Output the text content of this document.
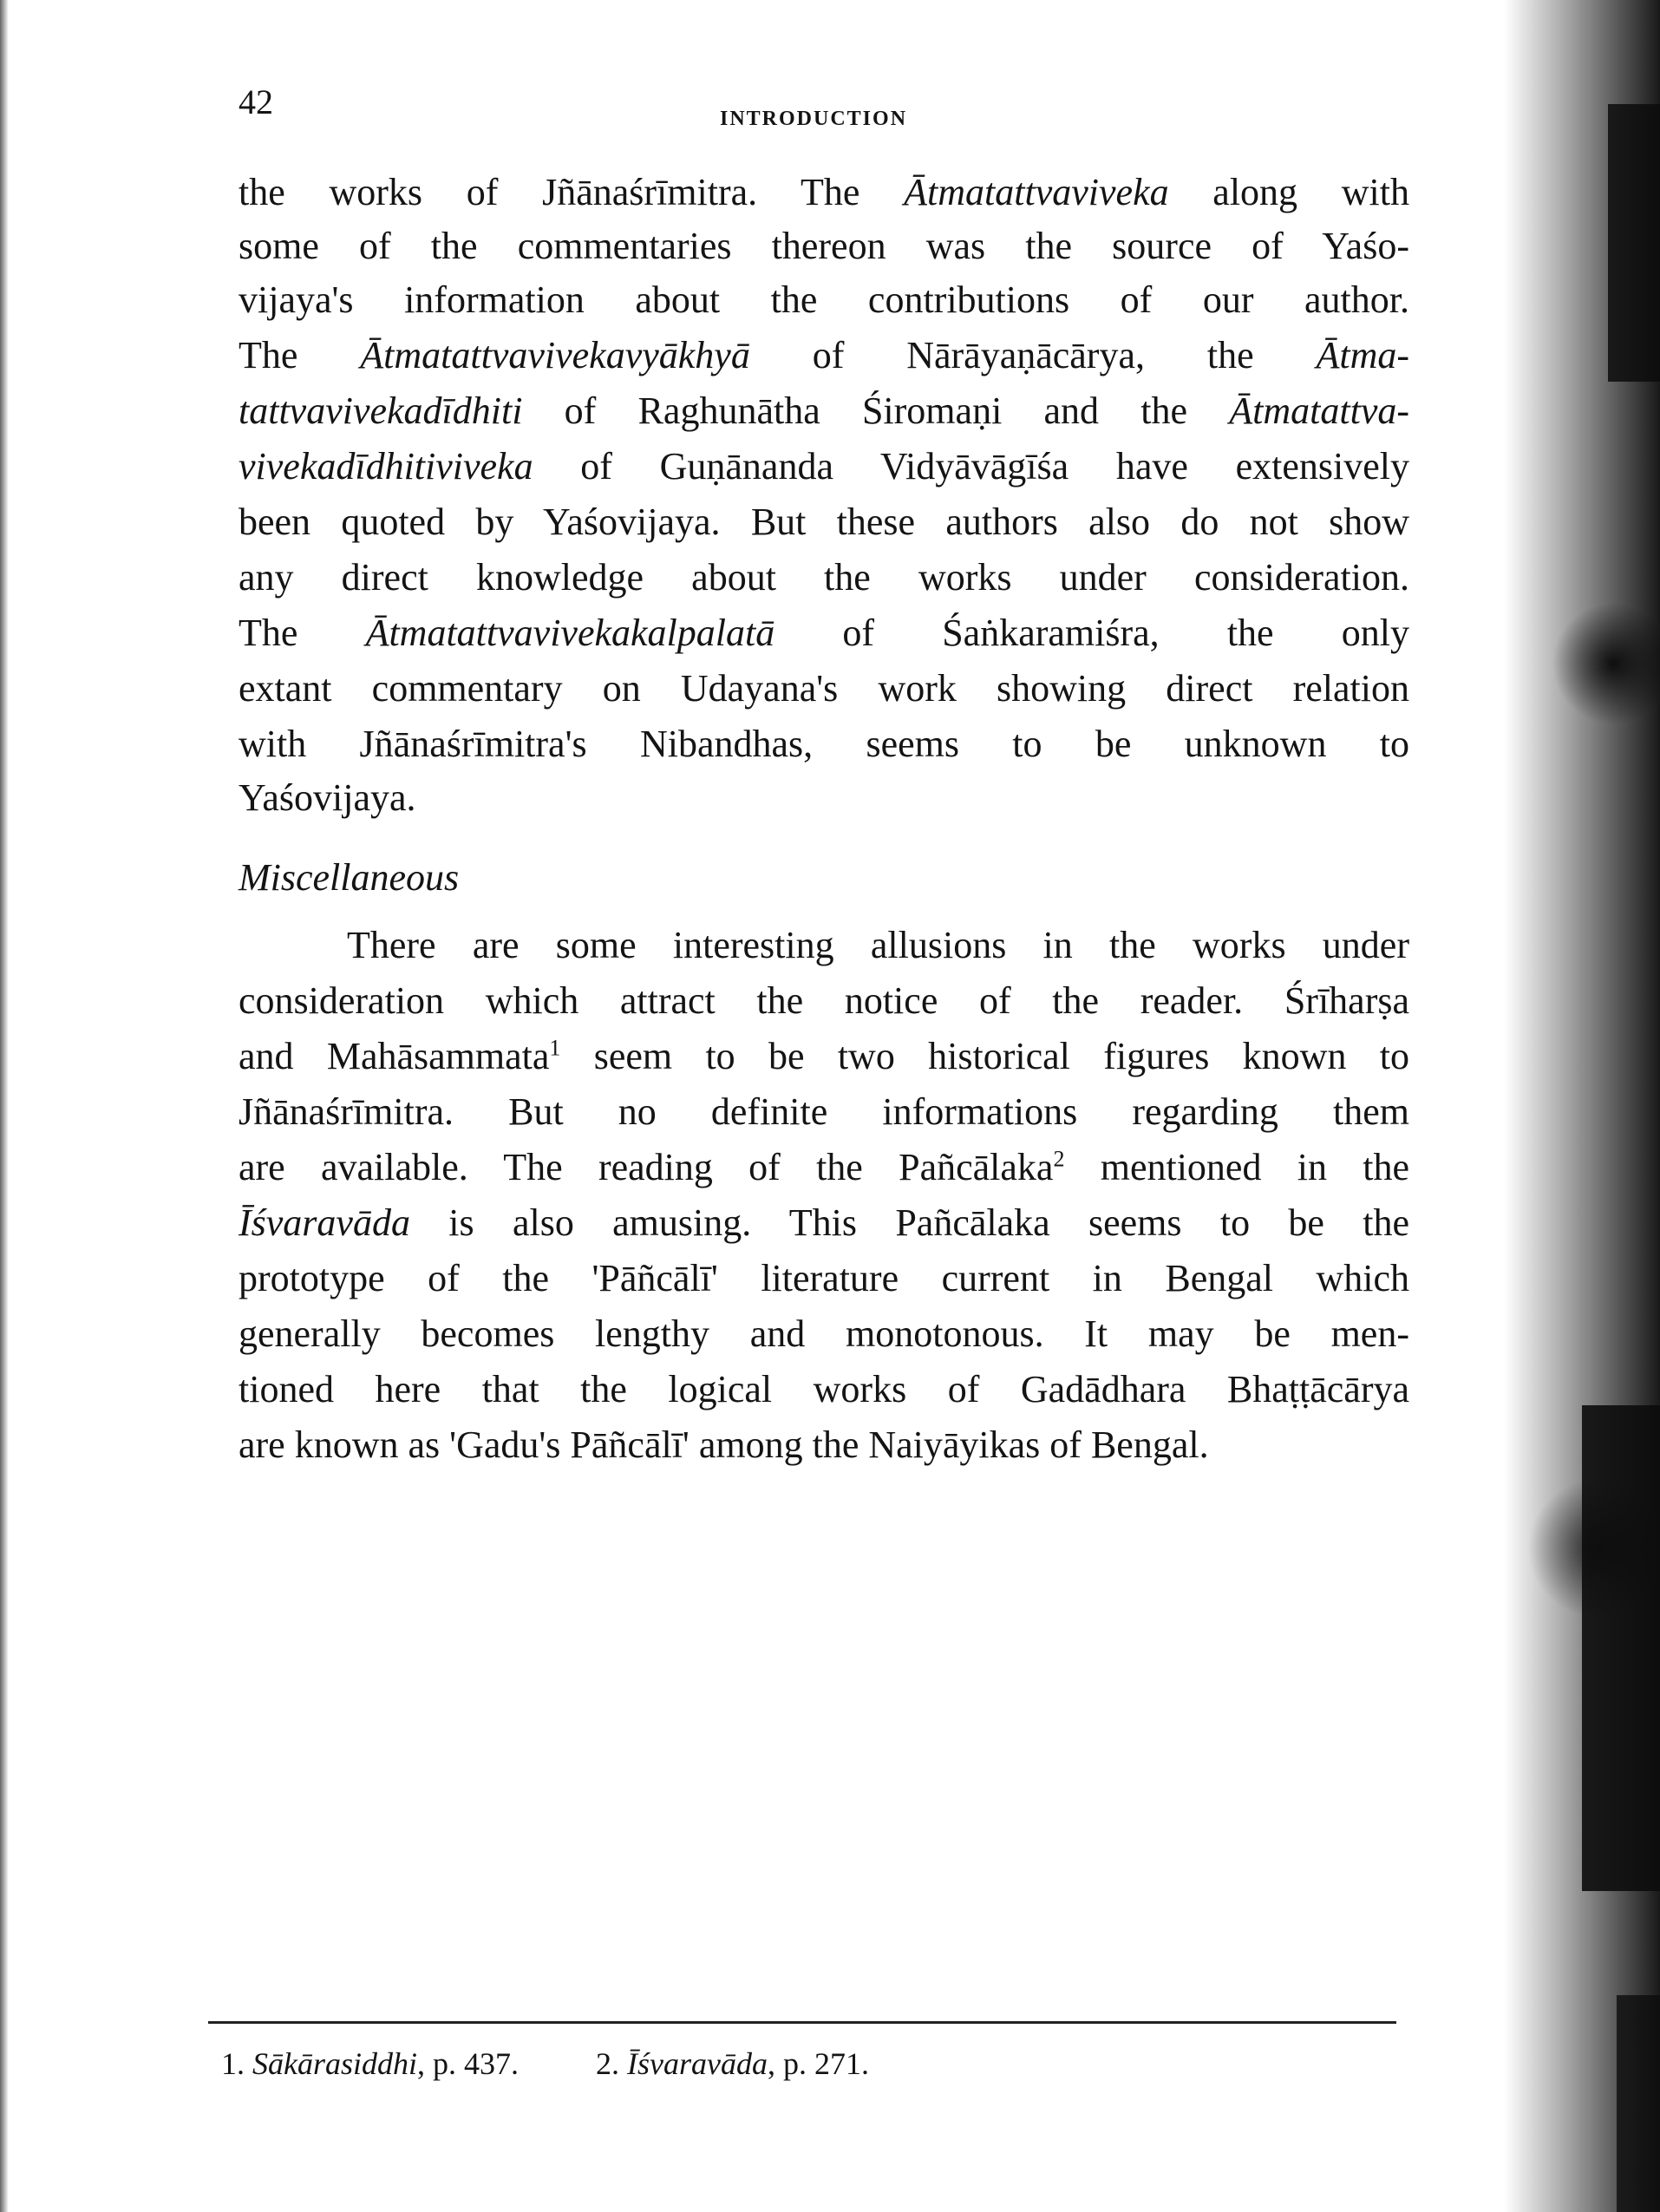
42	INTRODUCTION
the works of Jñānaśrīmitra. The Ātmatattvaviveka along with
some of the commentaries thereon was the source of Yaśo-
vijaya's information about the contributions of our author.
The Ātmatattvavivekavyākhyā of Nārāyaṇācārya, the Ātma-
tattvavivekadīdhiti of Raghunātha Śiromaṇi and the Ātmatattva-
vivekadīdhitiviveka of Guṇānanda Vidyāvāgīśa have extensively
been quoted by Yaśovijaya. But these authors also do not show
any direct knowledge about the works under consideration.
The Ātmatattvavivekakalpalatā of Śaṅkaramiśra, the only
extant commentary on Udayana's work showing direct relation
with Jñānaśrīmitra's Nibandhas, seems to be unknown to
Yaśovijaya.
Miscellaneous
There are some interesting allusions in the works under
consideration which attract the notice of the reader. Śrīharṣa
and Mahāsammata$^1$ seem to be two historical figures known to
Jñānaśrīmitra. But no definite informations regarding them
are available. The reading of the Pañcālaka$^2$ mentioned in the
Īśvaravāda is also amusing. This Pañcālaka seems to be the
prototype of the 'Pāñcālī' literature current in Bengal which
generally becomes lengthy and monotonous. It may be men-
tioned here that the logical works of Gadādhara Bhaṭṭācārya
are known as 'Gadu's Pāñcālī' among the Naiyāyikas of Bengal.
1. Sākārasiddhi, p. 437. 2. Īśvaravāda, p. 271.
